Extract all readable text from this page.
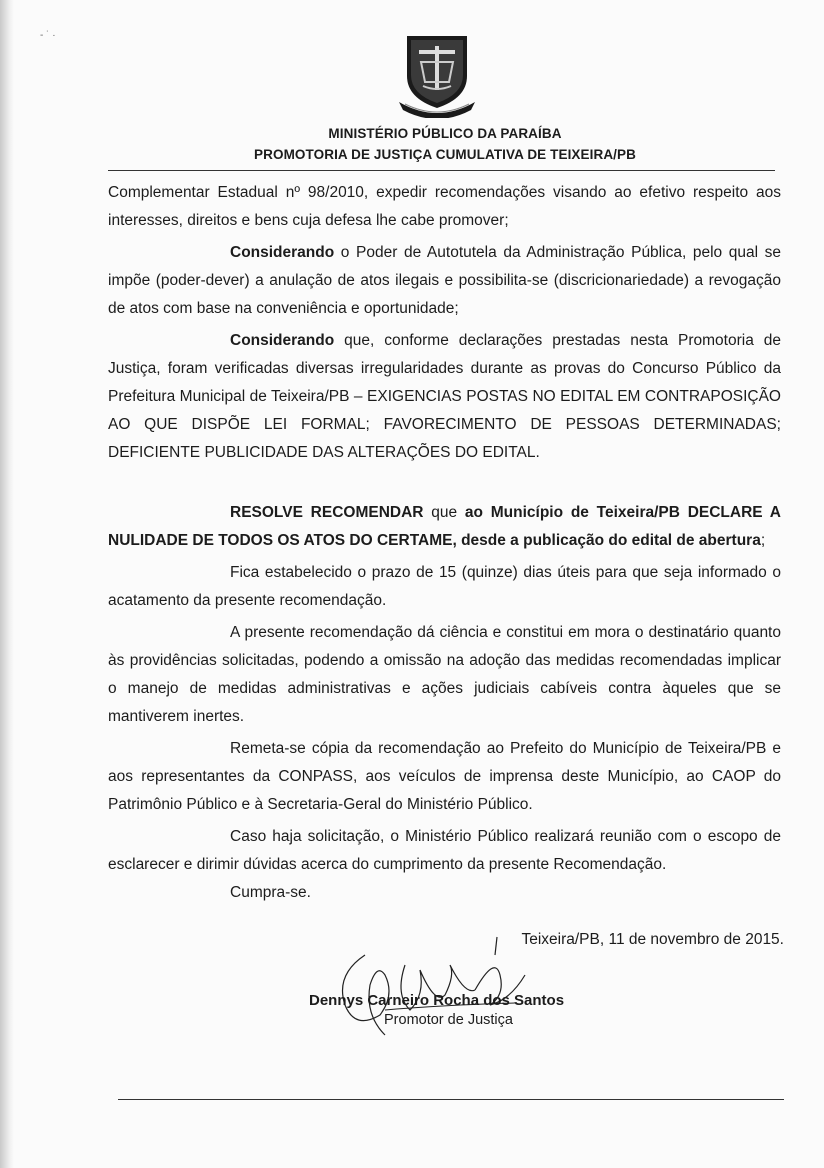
‐ ˙ ·
MINISTÉRIO PÚBLICO DA PARAÍBA
PROMOTORIA DE JUSTIÇA CUMULATIVA DE TEIXEIRA/PB

Complementar Estadual nº 98/2010, expedir recomendações visando ao efetivo respeito aos interesses, direitos e bens cuja defesa lhe cabe promover;

Considerando o Poder de Autotutela da Administração Pública, pelo qual se impõe (poder-dever) a anulação de atos ilegais e possibilita-se (discricionariedade) a revogação de atos com base na conveniência e oportunidade;

Considerando que, conforme declarações prestadas nesta Promotoria de Justiça, foram verificadas diversas irregularidades durante as provas do Concurso Público da Prefeitura Municipal de Teixeira/PB – EXIGENCIAS POSTAS NO EDITAL EM CONTRAPOSIÇÃO AO QUE DISPÕE LEI FORMAL; FAVORECIMENTO DE PESSOAS DETERMINADAS; DEFICIENTE PUBLICIDADE DAS ALTERAÇÕES DO EDITAL.

RESOLVE RECOMENDAR que ao Município de Teixeira/PB DECLARE A NULIDADE DE TODOS OS ATOS DO CERTAME, desde a publicação do edital de abertura;

Fica estabelecido o prazo de 15 (quinze) dias úteis para que seja informado o acatamento da presente recomendação.

A presente recomendação dá ciência e constitui em mora o destinatário quanto às providências solicitadas, podendo a omissão na adoção das medidas recomendadas implicar o manejo de medidas administrativas e ações judiciais cabíveis contra àqueles que se mantiverem inertes.

Remeta-se cópia da recomendação ao Prefeito do Município de Teixeira/PB e aos representantes da CONPASS, aos veículos de imprensa deste Município, ao CAOP do Patrimônio Público e à Secretaria-Geral do Ministério Público.

Caso haja solicitação, o Ministério Público realizará reunião com o escopo de esclarecer e dirimir dúvidas acerca do cumprimento da presente Recomendação.

Cumpra-se.

Teixeira/PB, 11 de novembro de 2015.
Dennys Carneiro Rocha dos Santos
Promotor de Justiça
